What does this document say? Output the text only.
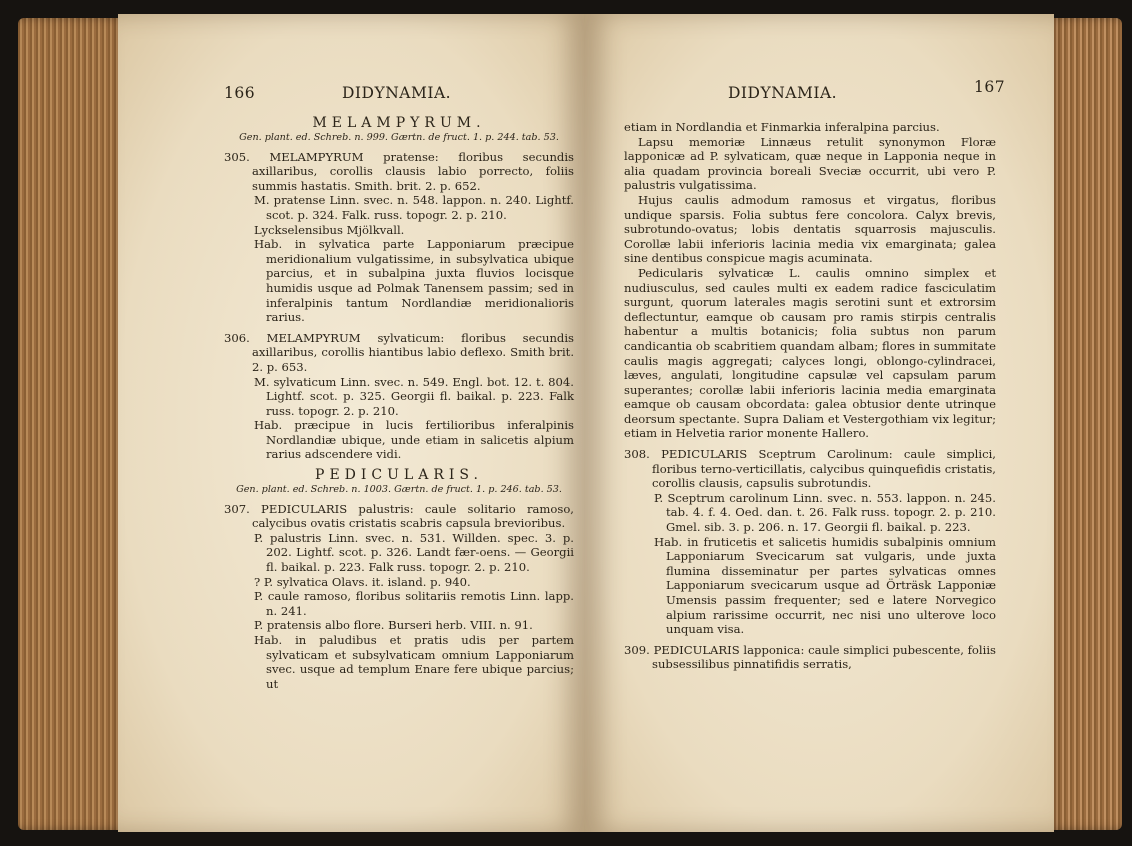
166	DIDYNAMIA.

MELAMPYRUM.

Gen. plant. ed. Schreb. n. 999. Gærtn. de fruct. 1. p. 244. tab. 53.

305. MELAMPYRUM pratense: floribus secundis axillaribus, corollis clausis labio porrecto, foliis summis hastatis. Smith. brit. 2. p. 652.

M. pratense Linn. svec. n. 548. lappon. n. 240. Lightf. scot. p. 324. Falk. russ. topogr. 2. p. 210.

Lyckselensibus Mjölkvall.

Hab. in sylvatica parte Lapponiarum præcipue meridionalium vulgatissime, in subsylvatica ubique parcius, et in subalpina juxta fluvios locisque humidis usque ad Polmak Tanensem passim; sed in inferalpinis tantum Nordlandiæ meridionalioris rarius.

306. MELAMPYRUM sylvaticum: floribus secundis axillaribus, corollis hiantibus labio deflexo. Smith brit. 2. p. 653.

M. sylvaticum Linn. svec. n. 549. Engl. bot. 12. t. 804. Lightf. scot. p. 325. Georgii fl. baikal. p. 223. Falk russ. topogr. 2. p. 210.

Hab. præcipue in lucis fertilioribus inferalpinis Nordlandiæ ubique, unde etiam in salicetis alpium rarius adscendere vidi.

PEDICULARIS.

Gen. plant. ed. Schreb. n. 1003. Gærtn. de fruct. 1. p. 246. tab. 53.

307. PEDICULARIS palustris: caule solitario ramoso, calycibus ovatis cristatis scabris capsula brevioribus.

P. palustris Linn. svec. n. 531. Willden. spec. 3. p. 202. Lightf. scot. p. 326. Landt fær-oens. — Georgii fl. baikal. p. 223. Falk russ. topogr. 2. p. 210.

? P. sylvatica Olavs. it. island. p. 940.

P. caule ramoso, floribus solitariis remotis Linn. lapp. n. 241.

P. pratensis albo flore. Burseri herb. VIII. n. 91.

Hab. in paludibus et pratis udis per partem sylvaticam et subsylvaticam omnium Lapponiarum svec. usque ad templum Enare fere ubique parcius; ut

DIDYNAMIA.	167

etiam in Nordlandia et Finmarkia inferalpina parcius.

Lapsu memoriæ Linnæus retulit synonymon Floræ lapponicæ ad P. sylvaticam, quæ neque in Lapponia neque in alia quadam provincia boreali Sveciæ occurrit, ubi vero P. palustris vulgatissima.

Hujus caulis admodum ramosus et virgatus, floribus undique sparsis. Folia subtus fere concolora. Calyx brevis, subrotundo-ovatus; lobis dentatis squarrosis majusculis. Corollæ labii inferioris lacinia media vix emarginata; galea sine dentibus conspicue magis acuminata.

Pedicularis sylvaticæ L. caulis omnino simplex et nudiusculus, sed caules multi ex eadem radice fasciculatim surgunt, quorum laterales magis serotini sunt et extrorsim deflectuntur, eamque ob causam pro ramis stirpis centralis habentur a multis botanicis; folia subtus non parum candicantia ob scabritiem quandam albam; flores in summitate caulis magis aggregati; calyces longi, oblongo-cylindracei, læves, angulati, longitudine capsulæ vel capsulam parum superantes; corollæ labii inferioris lacinia media emarginata eamque ob causam obcordata: galea obtusior dente utrinque deorsum spectante. Supra Daliam et Vestergothiam vix legitur; etiam in Helvetia rarior monente Hallero.

308. PEDICULARIS Sceptrum Carolinum: caule simplici, floribus terno-verticillatis, calycibus quinquefidis cristatis, corollis clausis, capsulis subrotundis.

P. Sceptrum carolinum Linn. svec. n. 553. lappon. n. 245. tab. 4. f. 4. Oed. dan. t. 26. Falk russ. topogr. 2. p. 210. Gmel. sib. 3. p. 206. n. 17. Georgii fl. baikal. p. 223.

Hab. in fruticetis et salicetis humidis subalpinis omnium Lapponiarum Svecicarum sat vulgaris, unde juxta flumina disseminatur per partes sylvaticas omnes Lapponiarum svecicarum usque ad Örträsk Lapponiæ Umensis passim frequenter; sed e latere Norvegico alpium rarissime occurrit, nec nisi uno ulterove loco unquam visa.

309. PEDICULARIS lapponica: caule simplici pubescente, foliis subsessilibus pinnatifidis serratis,
